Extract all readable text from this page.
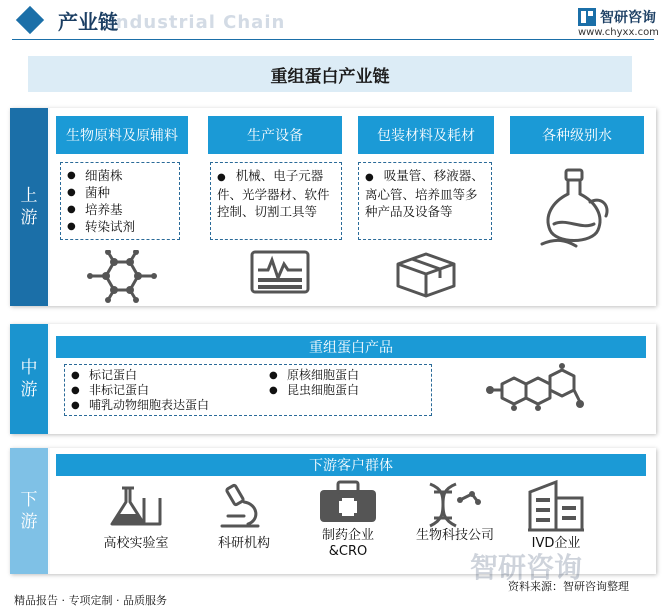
Industrial Chain
产业链	智研咨询
www.chyxx.com
重组蛋白产业链
上
游
生物原料及原辅料
● 细菌株
● 菌种
● 培养基
● 转染试剂
生产设备
● 机械、电子元器件、光学器材、软件控制、切割工具等
包装材料及耗材
● 吸量管、移液器、离心管、培养皿等多种产品及设备等
各种级别水
中
游
重组蛋白产品
● 标记蛋白
● 非标记蛋白
● 哺乳动物细胞表达蛋白
● 原核细胞蛋白
● 昆虫细胞蛋白
下
游
下游客户群体
高校实验室	科研机构
制药企业&CRO
生物科技公司
IVD企业
智研咨询
精品报告 · 专项定制 · 品质服务
资料来源：智研咨询整理
